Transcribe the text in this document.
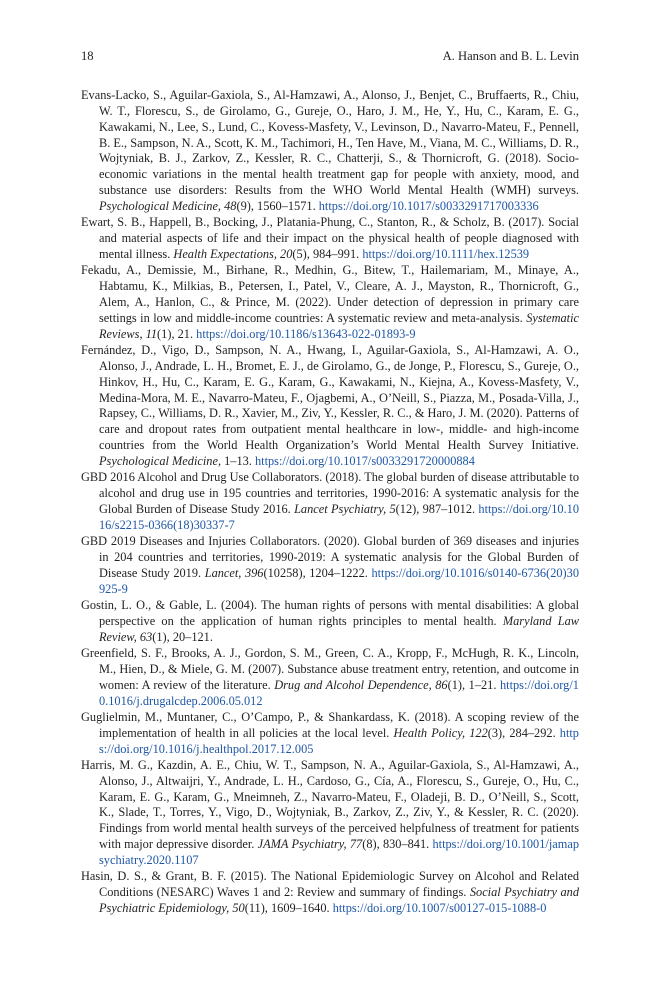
18	A. Hanson and B. L. Levin

Evans-Lacko, S., Aguilar-Gaxiola, S., Al-Hamzawi, A., Alonso, J., Benjet, C., Bruffaerts, R., Chiu, W. T., Florescu, S., de Girolamo, G., Gureje, O., Haro, J. M., He, Y., Hu, C., Karam, E. G., Kawakami, N., Lee, S., Lund, C., Kovess-Masfety, V., Levinson, D., Navarro-Mateu, F., Pennell, B. E., Sampson, N. A., Scott, K. M., Tachimori, H., Ten Have, M., Viana, M. C., Williams, D. R., Wojtyniak, B. J., Zarkov, Z., Kessler, R. C., Chatterji, S., & Thornicroft, G. (2018). Socio-economic variations in the mental health treatment gap for people with anxiety, mood, and substance use disorders: Results from the WHO World Mental Health (WMH) surveys. Psychological Medicine, 48(9), 1560–1571. https://doi.org/10.1017/s0033291717003336

Ewart, S. B., Happell, B., Bocking, J., Platania-Phung, C., Stanton, R., & Scholz, B. (2017). Social and material aspects of life and their impact on the physical health of people diagnosed with mental illness. Health Expectations, 20(5), 984–991. https://doi.org/10.1111/hex.12539

Fekadu, A., Demissie, M., Birhane, R., Medhin, G., Bitew, T., Hailemariam, M., Minaye, A., Habtamu, K., Milkias, B., Petersen, I., Patel, V., Cleare, A. J., Mayston, R., Thornicroft, G., Alem, A., Hanlon, C., & Prince, M. (2022). Under detection of depression in primary care settings in low and middle-income countries: A systematic review and meta-analysis. Systematic Reviews, 11(1), 21. https://doi.org/10.1186/s13643-022-01893-9

Fernández, D., Vigo, D., Sampson, N. A., Hwang, I., Aguilar-Gaxiola, S., Al-Hamzawi, A. O., Alonso, J., Andrade, L. H., Bromet, E. J., de Girolamo, G., de Jonge, P., Florescu, S., Gureje, O., Hinkov, H., Hu, C., Karam, E. G., Karam, G., Kawakami, N., Kiejna, A., Kovess-Masfety, V., Medina-Mora, M. E., Navarro-Mateu, F., Ojagbemi, A., O’Neill, S., Piazza, M., Posada-Villa, J., Rapsey, C., Williams, D. R., Xavier, M., Ziv, Y., Kessler, R. C., & Haro, J. M. (2020). Patterns of care and dropout rates from outpatient mental healthcare in low-, middle- and high-income countries from the World Health Organization’s World Mental Health Survey Initiative. Psychological Medicine, 1–13. https://doi.org/10.1017/s0033291720000884

GBD 2016 Alcohol and Drug Use Collaborators. (2018). The global burden of disease attributable to alcohol and drug use in 195 countries and territories, 1990-2016: A systematic analysis for the Global Burden of Disease Study 2016. Lancet Psychiatry, 5(12), 987–1012. https://doi.org/10.1016/s2215-0366(18)30337-7

GBD 2019 Diseases and Injuries Collaborators. (2020). Global burden of 369 diseases and injuries in 204 countries and territories, 1990-2019: A systematic analysis for the Global Burden of Disease Study 2019. Lancet, 396(10258), 1204–1222. https://doi.org/10.1016/s0140-6736(20)30925-9

Gostin, L. O., & Gable, L. (2004). The human rights of persons with mental disabilities: A global perspective on the application of human rights principles to mental health. Maryland Law Review, 63(1), 20–121.

Greenfield, S. F., Brooks, A. J., Gordon, S. M., Green, C. A., Kropp, F., McHugh, R. K., Lincoln, M., Hien, D., & Miele, G. M. (2007). Substance abuse treatment entry, retention, and outcome in women: A review of the literature. Drug and Alcohol Dependence, 86(1), 1–21. https://doi.org/10.1016/j.drugalcdep.2006.05.012

Guglielmin, M., Muntaner, C., O’Campo, P., & Shankardass, K. (2018). A scoping review of the implementation of health in all policies at the local level. Health Policy, 122(3), 284–292. https://doi.org/10.1016/j.healthpol.2017.12.005

Harris, M. G., Kazdin, A. E., Chiu, W. T., Sampson, N. A., Aguilar-Gaxiola, S., Al-Hamzawi, A., Alonso, J., Altwaijri, Y., Andrade, L. H., Cardoso, G., Cía, A., Florescu, S., Gureje, O., Hu, C., Karam, E. G., Karam, G., Mneimneh, Z., Navarro-Mateu, F., Oladeji, B. D., O’Neill, S., Scott, K., Slade, T., Torres, Y., Vigo, D., Wojtyniak, B., Zarkov, Z., Ziv, Y., & Kessler, R. C. (2020). Findings from world mental health surveys of the perceived helpfulness of treatment for patients with major depressive disorder. JAMA Psychiatry, 77(8), 830–841. https://doi.org/10.1001/jamapsychiatry.2020.1107

Hasin, D. S., & Grant, B. F. (2015). The National Epidemiologic Survey on Alcohol and Related Conditions (NESARC) Waves 1 and 2: Review and summary of findings. Social Psychiatry and Psychiatric Epidemiology, 50(11), 1609–1640. https://doi.org/10.1007/s00127-015-1088-0
